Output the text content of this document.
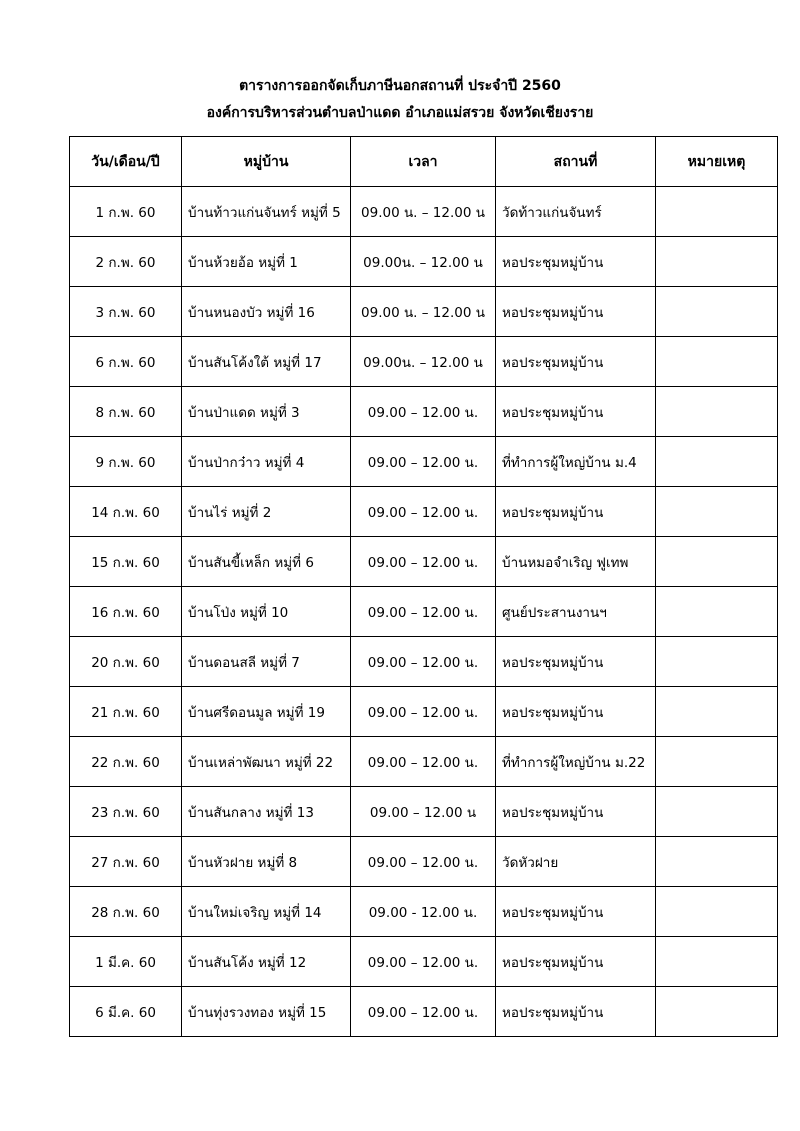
ตารางการออกจัดเก็บภาษีนอกสถานที่ ประจำปี 2560
องค์การบริหารส่วนตำบลป่าแดด อำเภอแม่สรวย จังหวัดเชียงราย
วัน/เดือน/ปี	หมู่บ้าน	เวลา	สถานที่	หมายเหตุ
1 ก.พ. 60	บ้านท้าวแก่นจันทร์ หมู่ที่ 5	09.00 น. – 12.00 น	วัดท้าวแก่นจันทร์	
2 ก.พ. 60	บ้านห้วยอ้อ หมู่ที่ 1	09.00น. – 12.00 น	หอประชุมหมู่บ้าน	
3 ก.พ. 60	บ้านหนองบัว หมู่ที่ 16	09.00 น. – 12.00 น	หอประชุมหมู่บ้าน	
6 ก.พ. 60	บ้านสันโค้งใต้ หมู่ที่ 17	09.00น. – 12.00 น	หอประชุมหมู่บ้าน	
8 ก.พ. 60	บ้านป่าแดด หมู่ที่ 3	09.00 – 12.00 น.	หอประชุมหมู่บ้าน	
9 ก.พ. 60	บ้านป่ากว๋าว หมู่ที่ 4	09.00 – 12.00 น.	ที่ทำการผู้ใหญ่บ้าน ม.4	
14 ก.พ. 60	บ้านไร่ หมู่ที่ 2	09.00 – 12.00 น.	หอประชุมหมู่บ้าน	
15 ก.พ. 60	บ้านสันขี้เหล็ก หมู่ที่ 6	09.00 – 12.00 น.	บ้านหมอจำเริญ ฟูเทพ	
16 ก.พ. 60	บ้านโป่ง หมู่ที่ 10	09.00 – 12.00 น.	ศูนย์ประสานงานฯ	
20 ก.พ. 60	บ้านดอนสลี หมู่ที่ 7	09.00 – 12.00 น.	หอประชุมหมู่บ้าน	
21 ก.พ. 60	บ้านศรีดอนมูล หมู่ที่ 19	09.00 – 12.00 น.	หอประชุมหมู่บ้าน	
22 ก.พ. 60	บ้านเหล่าพัฒนา หมู่ที่ 22	09.00 – 12.00 น.	ที่ทำการผู้ใหญ่บ้าน ม.22	
23 ก.พ. 60	บ้านสันกลาง หมู่ที่ 13	09.00 – 12.00 น	หอประชุมหมู่บ้าน	
27 ก.พ. 60	บ้านหัวฝาย หมู่ที่ 8	09.00 – 12.00 น.	วัดหัวฝาย	
28 ก.พ. 60	บ้านใหม่เจริญ หมู่ที่ 14	09.00 - 12.00 น.	หอประชุมหมู่บ้าน	
1 มี.ค. 60	บ้านสันโค้ง หมู่ที่ 12	09.00 – 12.00 น.	หอประชุมหมู่บ้าน	
6 มี.ค. 60	บ้านทุ่งรวงทอง หมู่ที่ 15	09.00 – 12.00 น.	หอประชุมหมู่บ้าน	
